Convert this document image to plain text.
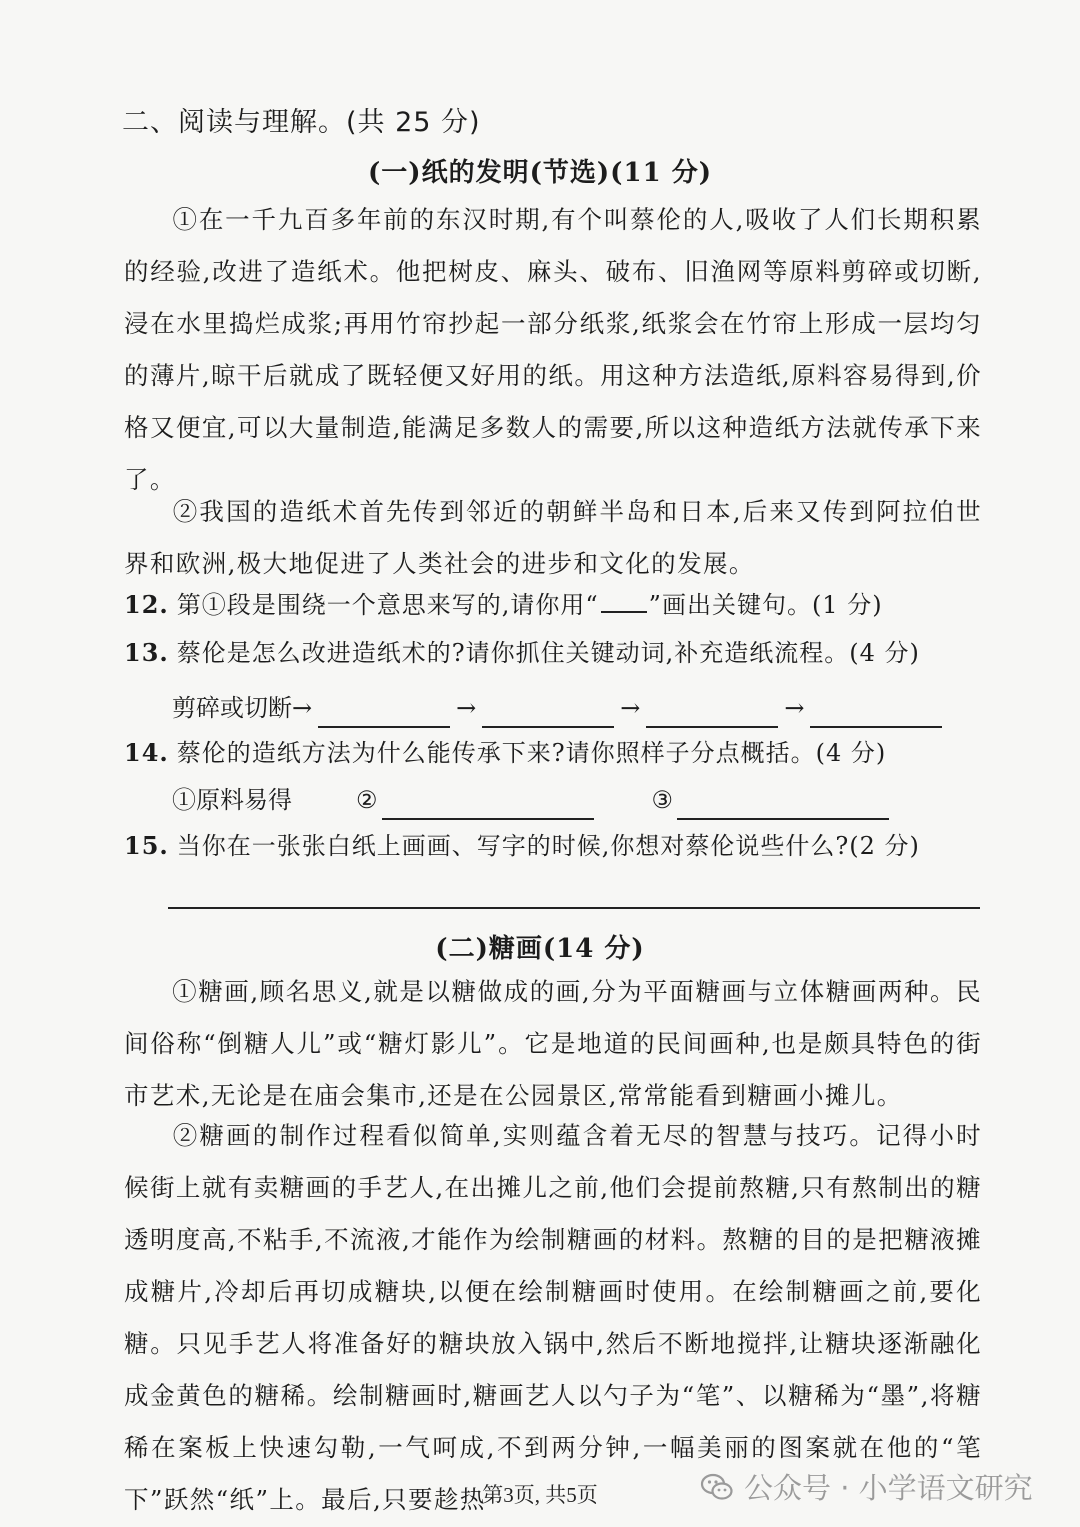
二、阅读与理解。(共 25 分)
(一)纸的发明(节选)(11 分)
①在一千九百多年前的东汉时期,有个叫蔡伦的人,吸收了人们长期积累的经验,改进了造纸术。他把树皮、麻头、破布、旧渔网等原料剪碎或切断,浸在水里捣烂成浆;再用竹帘抄起一部分纸浆,纸浆会在竹帘上形成一层均匀的薄片,晾干后就成了既轻便又好用的纸。用这种方法造纸,原料容易得到,价格又便宜,可以大量制造,能满足多数人的需要,所以这种造纸方法就传承下来了。
②我国的造纸术首先传到邻近的朝鲜半岛和日本,后来又传到阿拉伯世界和欧洲,极大地促进了人类社会的进步和文化的发展。
12. 第①段是围绕一个意思来写的,请你用“ ”画出关键句。(1 分)
13. 蔡伦是怎么改进造纸术的?请你抓住关键动词,补充造纸流程。(4 分)
剪碎或切断→	→	→	→
14. 蔡伦的造纸方法为什么能传承下来?请你照样子分点概括。(4 分)
①原料易得	②	③
15. 当你在一张张白纸上画画、写字的时候,你想对蔡伦说些什么?(2 分)
(二)糖画(14 分)
①糖画,顾名思义,就是以糖做成的画,分为平面糖画与立体糖画两种。民间俗称“倒糖人儿”或“糖灯影儿”。它是地道的民间画种,也是颇具特色的街市艺术,无论是在庙会集市,还是在公园景区,常常能看到糖画小摊儿。
②糖画的制作过程看似简单,实则蕴含着无尽的智慧与技巧。记得小时候街上就有卖糖画的手艺人,在出摊儿之前,他们会提前熬糖,只有熬制出的糖透明度高,不粘手,不流液,才能作为绘制糖画的材料。熬糖的目的是把糖液摊成糖片,冷却后再切成糖块,以便在绘制糖画时使用。在绘制糖画之前,要化糖。只见手艺人将准备好的糖块放入锅中,然后不断地搅拌,让糖块逐渐融化成金黄色的糖稀。绘制糖画时,糖画艺人以勺子为“笔”、以糖稀为“墨”,将糖稀在案板上快速勾勒,一气呵成,不到两分钟,一幅美丽的图案就在他的“笔下”跃然“纸”上。最后,只要趁热
第3页, 共5页	公众号 · 小学语文研究
